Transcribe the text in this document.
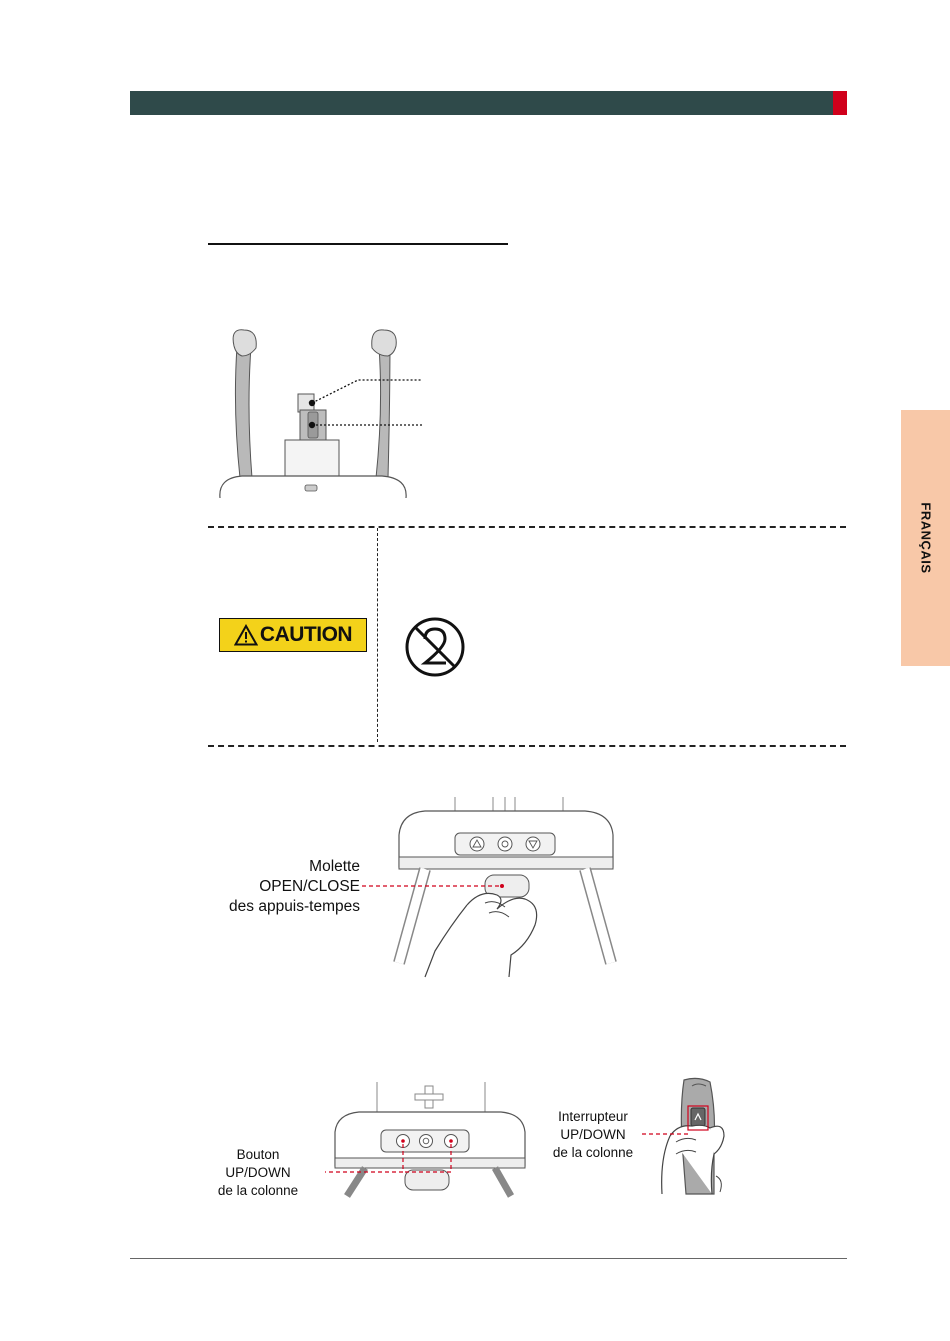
FRANÇAIS
CAUTION
Molette
OPEN/CLOSE
des appuis-tempes
Bouton
UP/DOWN
de la colonne
Interrupteur
UP/DOWN
de la colonne
